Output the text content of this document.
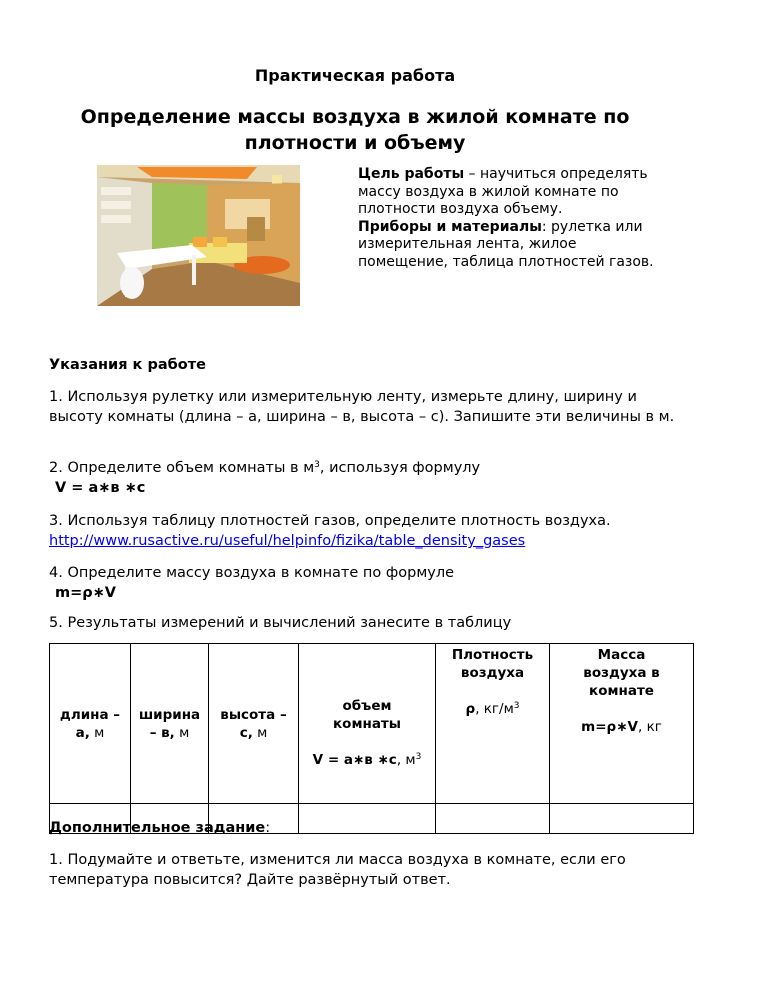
Практическая работа
Определение массы воздуха в жилой комнате по плотности и объему
Цель работы – научиться определять массу воздуха в жилой комнате по плотности воздуха объему.
Приборы и материалы: рулетка или измерительная лента, жилое помещение, таблица плотностей газов.
Указания к работе
1. Используя рулетку или измерительную ленту, измерьте длину, ширину и высоту комнаты (длина – а, ширина – в, высота – с). Запишите эти величины в м.
2. Определите объем комнаты в $м^3$, используя формулу
V = а∗в ∗с
3. Используя таблицу плотностей газов, определите плотность воздуха.
http://www.rusactive.ru/useful/helpinfo/fizika/table_density_gases
4. Определите массу воздуха в комнате по формуле
m=ρ∗V
5. Результаты измерений и вычислений занесите в таблицу
длина –
а, м	ширина
– в, м	высота –
с, м	объем
комнаты

V = а∗в ∗с, $м^3$	Плотность
воздуха

ρ, $кг/м^3$	Масса
воздуха в
комнате

m=ρ∗V, кг

Дополнительное задание:
1. Подумайте и ответьте, изменится ли масса воздуха в комнате, если его температура повысится? Дайте развёрнутый ответ.
